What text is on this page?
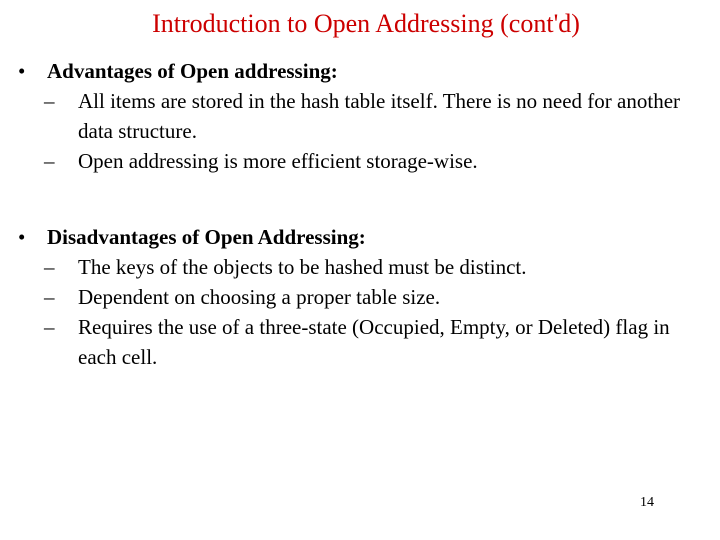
Introduction to Open Addressing (cont'd)
• Advantages of Open addressing:
– All items are stored in the hash table itself. There is no need for another data structure.
– Open addressing is more efficient storage-wise.
• Disadvantages of Open Addressing:
– The keys of the objects to be hashed must be distinct.
– Dependent on choosing a proper table size.
– Requires the use of a three-state (Occupied, Empty, or Deleted) flag in each cell.
14
